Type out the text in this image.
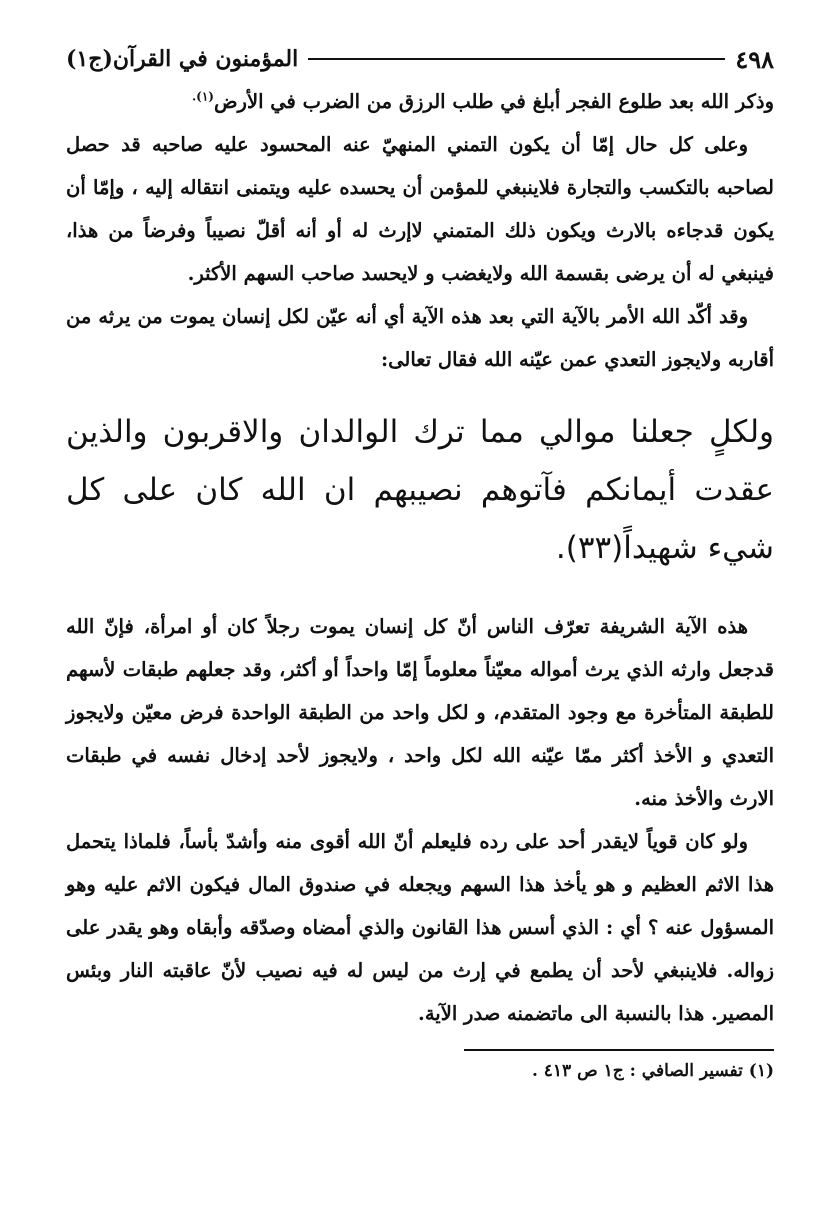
٤٩٨
المؤمنون في القرآن(ج١)

وذكر الله بعد طلوع الفجر أبلغ في طلب الرزق من الضرب في الأرض$^{(١).}$

وعلى كل حال إمّا أن يكون التمني المنهيّ عنه المحسود عليه صاحبه قد حصل لصاحبه بالتكسب والتجارة فلاينبغي للمؤمن أن يحسده عليه ويتمنى انتقاله إليه ، وإمّا أن يكون قدجاءه بالارث ويكون ذلك المتمني لاإرث له أو أنه أقلّ نصيباً وفرضاً من هذا، فينبغي له أن يرضى بقسمة الله ولايغضب و لايحسد صاحب السهم الأكثر.

وقد أكّد الله الأمر بالآية التي بعد هذه الآية أي أنه عيّن لكل إنسان يموت من يرثه من أقاربه ولايجوز التعدي عمن عيّنه الله فقال تعالى:

ولكلٍ جعلنا موالي مما ترك الوالدان والاقربون والذين عقدت أيمانكم فآتوهم نصيبهم ان الله كان على كل شيء شهيداً(٣٣).

هذه الآية الشريفة تعرّف الناس أنّ كل إنسان يموت رجلاً كان أو امرأة، فإنّ الله قدجعل وارثه الذي يرث أمواله معيّناً معلوماً إمّا واحداً أو أكثر، وقد جعلهم طبقات لأسهم للطبقة المتأخرة مع وجود المتقدم، و لكل واحد من الطبقة الواحدة فرض معيّن ولايجوز التعدي و الأخذ أكثر ممّا عيّنه الله لكل واحد ، ولايجوز لأحد إدخال نفسه في طبقات الارث والأخذ منه.

ولو كان قوياً لايقدر أحد على رده فليعلم أنّ الله أقوى منه وأشدّ بأساً، فلماذا يتحمل هذا الاثم العظيم و هو يأخذ هذا السهم ويجعله في صندوق المال فيكون الاثم عليه وهو المسؤول عنه ؟ أي : الذي أسس هذا القانون والذي أمضاه وصدّقه وأبقاه وهو يقدر على زواله. فلاينبغي لأحد أن يطمع في إرث من ليس له فيه نصيب لأنّ عاقبته النار وبئس المصير. هذا بالنسبة الى ماتضمنه صدر الآية.

(١) تفسير الصافي : ج١ ص ٤١٣ .
